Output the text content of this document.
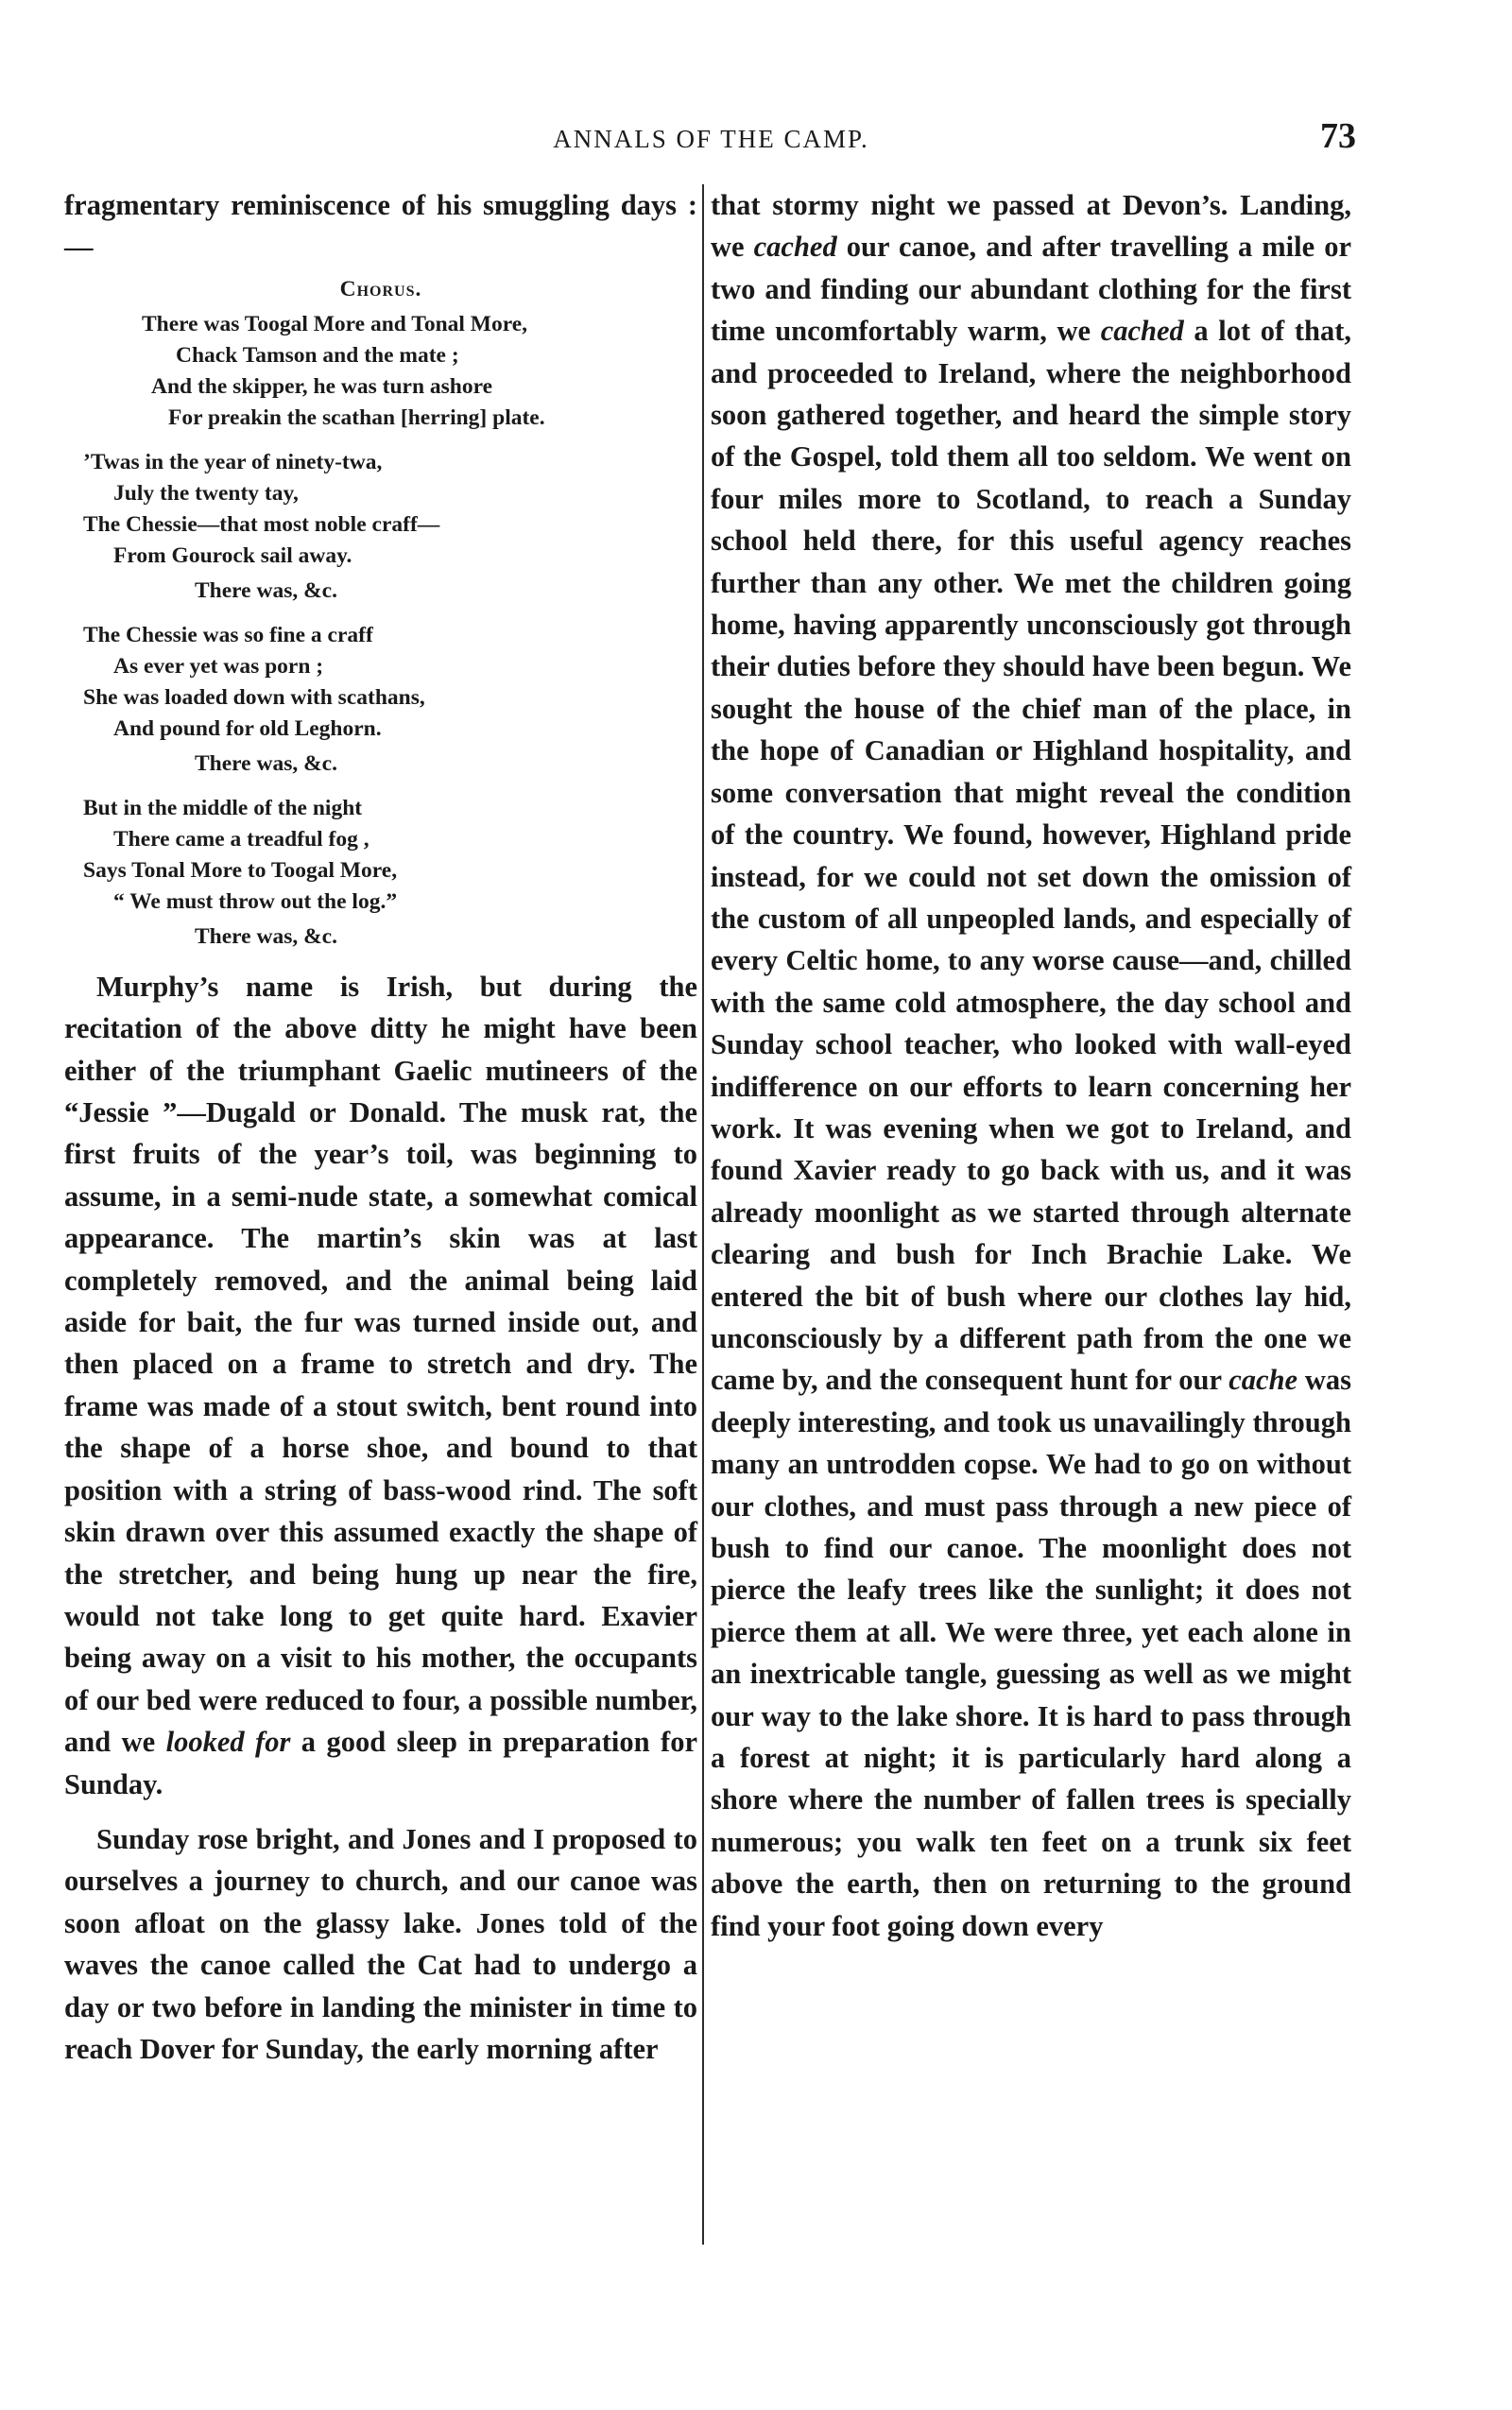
ANNALS OF THE CAMP.	73

fragmentary reminiscence of his smuggling days :—

Chorus.
There was Toogal More and Tonal More,
Chack Tamson and the mate ;
And the skipper, he was turn ashore
For preakin the scathan [herring] plate.
’Twas in the year of ninety-twa,
July the twenty tay,
The Chessie—that most noble craff—
From Gourock sail away.
There was, &c.
The Chessie was so fine a craff
As ever yet was porn ;
She was loaded down with scathans,
And pound for old Leghorn.
There was, &c.
But in the middle of the night
There came a treadful fog ,
Says Tonal More to Toogal More,
“ We must throw out the log.”
There was, &c.

Murphy’s name is Irish, but during the recitation of the above ditty he might have been either of the triumphant Gaelic mutineers of the “Jessie ”—Dugald or Donald. The musk rat, the first fruits of the year’s toil, was beginning to assume, in a semi-nude state, a somewhat comical appearance. The martin’s skin was at last completely removed, and the animal being laid aside for bait, the fur was turned inside out, and then placed on a frame to stretch and dry. The frame was made of a stout switch, bent round into the shape of a horse shoe, and bound to that position with a string of bass-wood rind. The soft skin drawn over this assumed exactly the shape of the stretcher, and being hung up near the fire, would not take long to get quite hard. Exavier being away on a visit to his mother, the occupants of our bed were reduced to four, a possible number, and we looked for a good sleep in preparation for Sunday.

Sunday rose bright, and Jones and I proposed to ourselves a journey to church, and our canoe was soon afloat on the glassy lake. Jones told of the waves the canoe called the Cat had to undergo a day or two before in landing the minister in time to reach Dover for Sunday, the early morning after

that stormy night we passed at Devon’s. Landing, we cached our canoe, and after travelling a mile or two and finding our abundant clothing for the first time uncomfortably warm, we cached a lot of that, and proceeded to Ireland, where the neighborhood soon gathered together, and heard the simple story of the Gospel, told them all too seldom. We went on four miles more to Scotland, to reach a Sunday school held there, for this useful agency reaches further than any other. We met the children going home, having apparently unconsciously got through their duties before they should have been begun. We sought the house of the chief man of the place, in the hope of Canadian or Highland hospitality, and some conversation that might reveal the condition of the country. We found, however, Highland pride instead, for we could not set down the omission of the custom of all unpeopled lands, and especially of every Celtic home, to any worse cause—and, chilled with the same cold atmosphere, the day school and Sunday school teacher, who looked with wall-eyed indifference on our efforts to learn concerning her work. It was evening when we got to Ireland, and found Xavier ready to go back with us, and it was already moonlight as we started through alternate clearing and bush for Inch Brachie Lake. We entered the bit of bush where our clothes lay hid, unconsciously by a different path from the one we came by, and the consequent hunt for our cache was deeply interesting, and took us unavailingly through many an untrodden copse. We had to go on without our clothes, and must pass through a new piece of bush to find our canoe. The moonlight does not pierce the leafy trees like the sunlight; it does not pierce them at all. We were three, yet each alone in an inextricable tangle, guessing as well as we might our way to the lake shore. It is hard to pass through a forest at night; it is particularly hard along a shore where the number of fallen trees is specially numerous; you walk ten feet on a trunk six feet above the earth, then on returning to the ground find your foot going down every
